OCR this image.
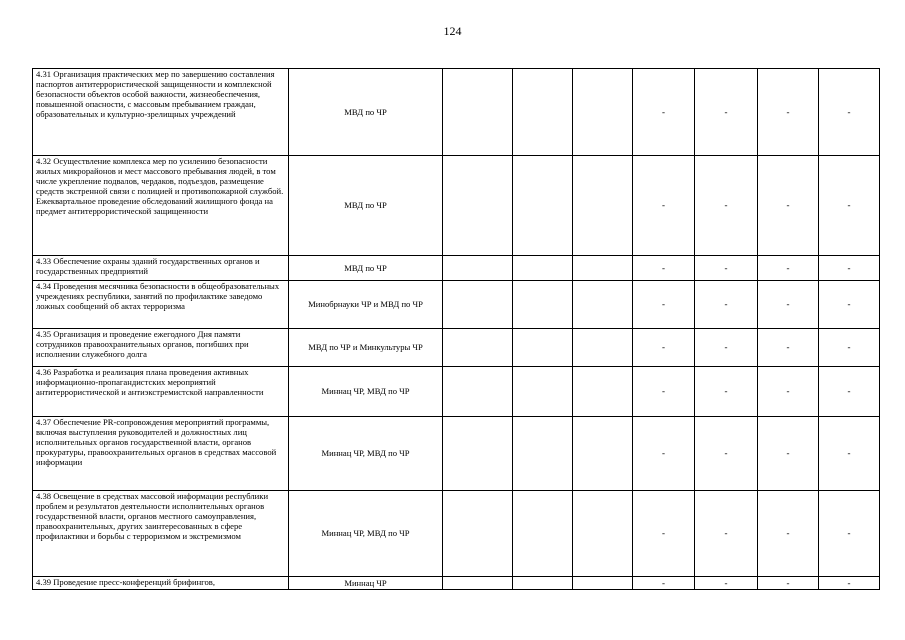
124
4.31 Организация практических мер по завершению составления паспортов антитеррористической защищенности и комплексной безопасности объектов особой важности, жизнеобеспечения, повышенной опасности, с массовым пребыванием граждан, образовательных и культурно-зрелищных учреждений	МВД по ЧР				-	-	-	-
4.32 Осуществление комплекса мер по усилению безопасности жилых микрорайонов и мест массового пребывания людей, в том числе укрепление подвалов, чердаков, подъездов, размещение средств экстренной связи с полицией и противопожарной службой. Ежеквартальное проведение обследований жилищного фонда на предмет антитеррористической защищенности	МВД по ЧР				-	-	-	-
4.33 Обеспечение охраны зданий государственных органов и государственных предприятий	МВД по ЧР				-	-	-	-
4.34 Проведения месячника безопасности в общеобразовательных учреждениях республики, занятий по профилактике заведомо ложных сообщений об актах терроризма	Минобрнауки ЧР и МВД по ЧР				-	-	-	-
4.35 Организация и проведение ежегодного Дня памяти сотрудников правоохранительных органов, погибших при исполнении служебного долга	МВД по ЧР и Минкультуры ЧР				-	-	-	-
4.36 Разработка и реализация плана проведения активных информационно-пропагандистских мероприятий антитеррористической и антиэкстремистской направленности	Миннац ЧР, МВД по ЧР				-	-	-	-
4.37 Обеспечение PR-сопровождения мероприятий программы, включая выступления руководителей и должностных лиц исполнительных органов государственной власти, органов прокуратуры, правоохранительных органов в средствах массовой информации	Миннац ЧР, МВД по ЧР				-	-	-	-
4.38 Освещение в средствах массовой информации республики проблем и результатов деятельности исполнительных органов государственной власти, органов местного самоуправления, правоохранительных, других заинтересованных в сфере профилактики и борьбы с терроризмом и экстремизмом	Миннац ЧР, МВД по ЧР				-	-	-	-
4.39 Проведение пресс-конференций брифингов,	Миннац ЧР				-	-	-	-
